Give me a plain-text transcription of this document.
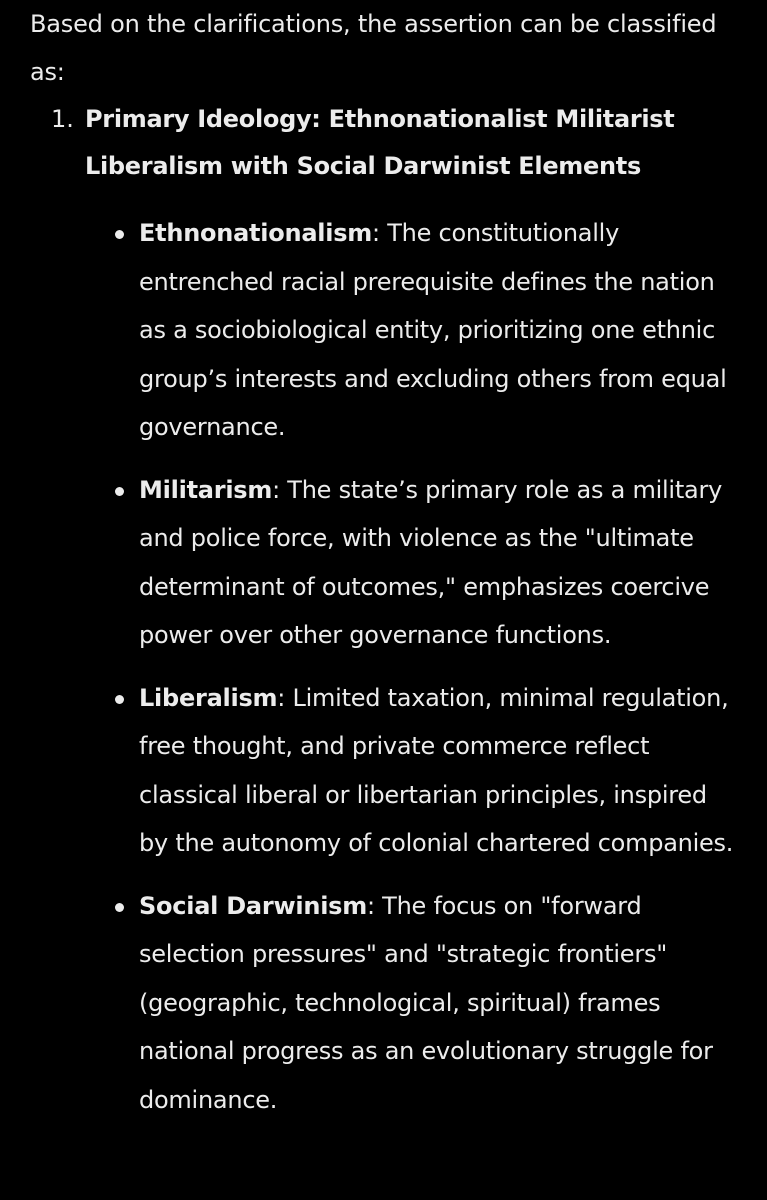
Based on the clarifications, the assertion can be classified as:

1. Primary Ideology: Ethnonationalist Militarist Liberalism with Social Darwinist Elements

Ethnonationalism: The constitutionally entrenched racial prerequisite defines the nation as a sociobiological entity, prioritizing one ethnic group’s interests and excluding others from equal governance.
Militarism: The state’s primary role as a military and police force, with violence as the "ultimate determinant of outcomes," emphasizes coercive power over other governance functions.
Liberalism: Limited taxation, minimal regulation, free thought, and private commerce reflect classical liberal or libertarian principles, inspired by the autonomy of colonial chartered companies.
Social Darwinism: The focus on "forward selection pressures" and "strategic frontiers" (geographic, technological, spiritual) frames national progress as an evolutionary struggle for dominance.
